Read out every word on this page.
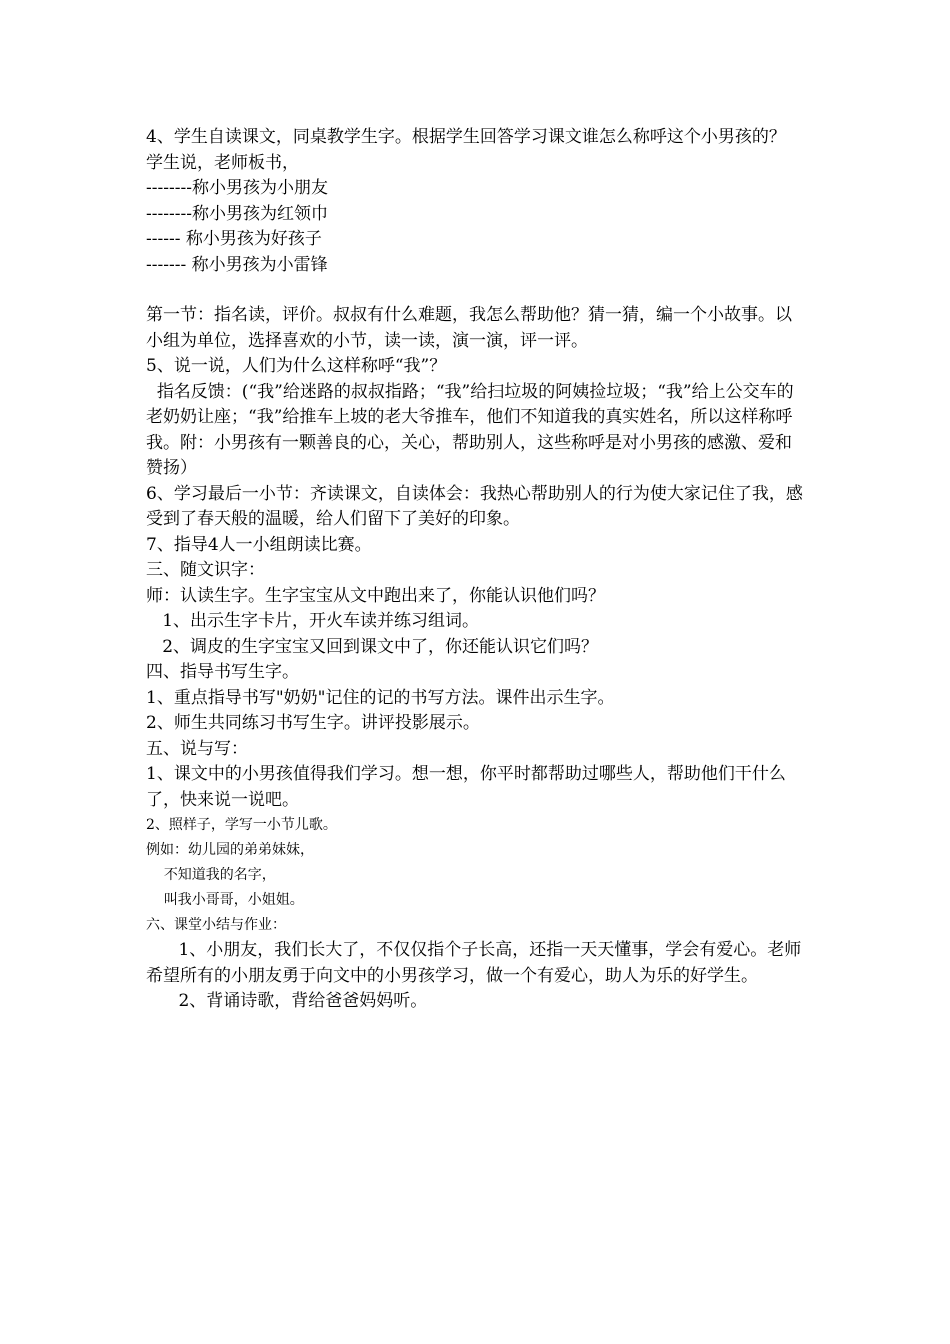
4、学生自读课文，同桌教学生字。根据学生回答学习课文谁怎么称呼这个小男孩的？

学生说，老师板书，

--------称小男孩为小朋友

--------称小男孩为红领巾

------ 称小男孩为好孩子

------- 称小男孩为小雷锋

第一节：指名读，评价。叔叔有什么难题，我怎么帮助他？猜一猜，编一个小故事。以小组为单位，选择喜欢的小节，读一读，演一演，评一评。

5、说一说，人们为什么这样称呼“我”？

指名反馈：(“我”给迷路的叔叔指路；“我”给扫垃圾的阿姨捡垃圾；“我”给上公交车的老奶奶让座；“我”给推车上坡的老大爷推车，他们不知道我的真实姓名，所以这样称呼我。附：小男孩有一颗善良的心，关心，帮助别人，这些称呼是对小男孩的感激、爱和赞扬）

6、学习最后一小节：齐读课文，自读体会：我热心帮助别人的行为使大家记住了我，感受到了春天般的温暖，给人们留下了美好的印象。

7、指导4人一小组朗读比赛。

三、随文识字：

师：认读生字。生字宝宝从文中跑出来了，你能认识他们吗？

1、出示生字卡片，开火车读并练习组词。

2、调皮的生字宝宝又回到课文中了，你还能认识它们吗？

四、指导书写生字。

1、重点指导书写"奶奶"记住的记的书写方法。课件出示生字。

2、师生共同练习书写生字。讲评投影展示。

五、说与写：

1、课文中的小男孩值得我们学习。想一想，你平时都帮助过哪些人，帮助他们干什么了，快来说一说吧。

2、照样子，学写一小节儿歌。

例如：幼儿园的弟弟妹妹，

不知道我的名字，

叫我小哥哥，小姐姐。

六、课堂小结与作业：

1、小朋友，我们长大了，不仅仅指个子长高，还指一天天懂事，学会有爱心。老师希望所有的小朋友勇于向文中的小男孩学习，做一个有爱心，助人为乐的好学生。

2、背诵诗歌，背给爸爸妈妈听。
